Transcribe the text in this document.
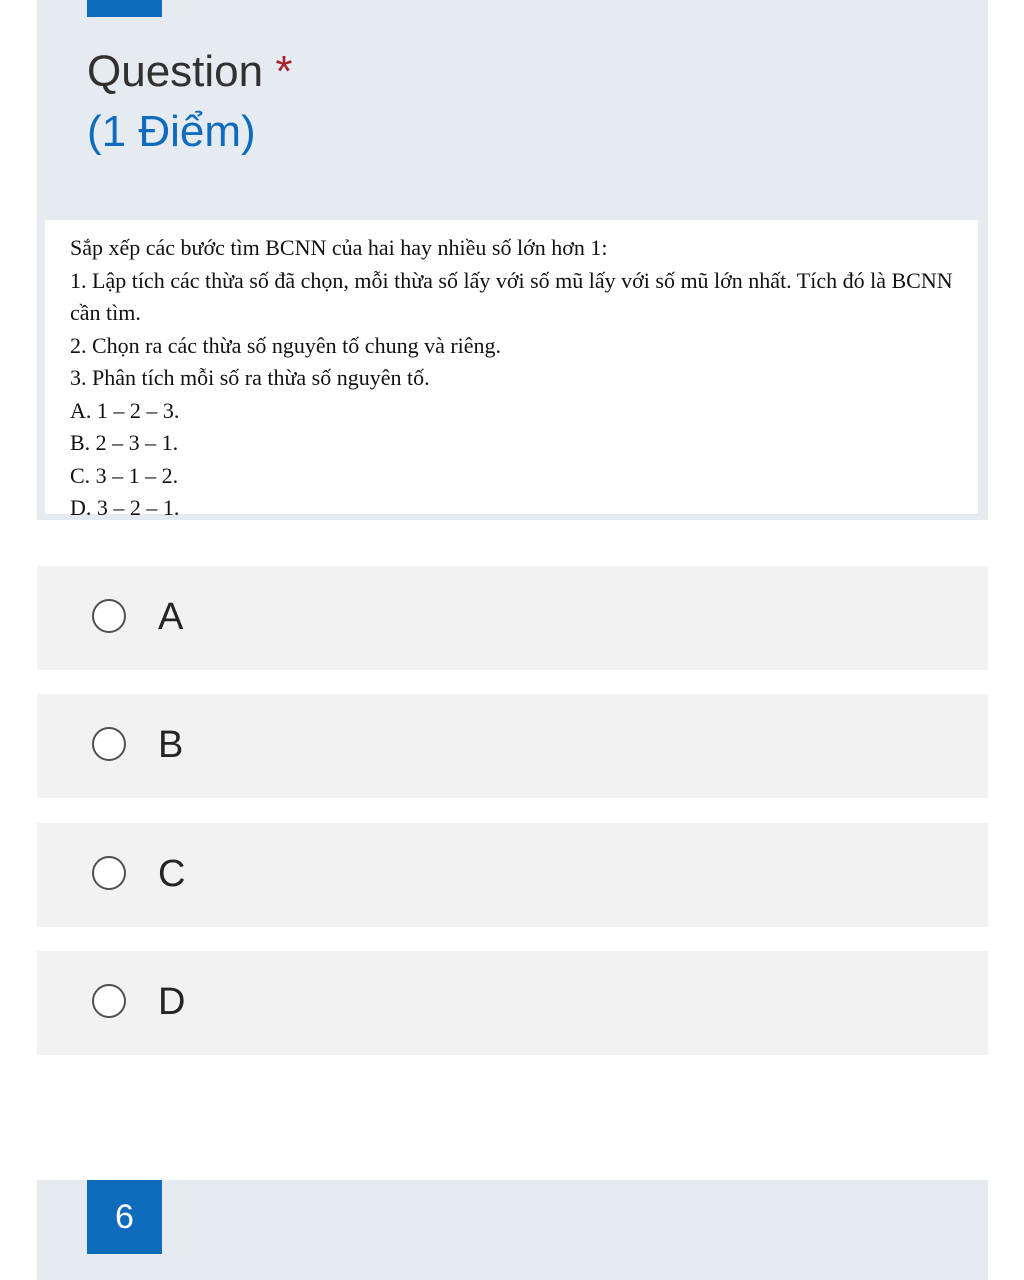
Question *
(1 Điểm)
Sắp xếp các bước tìm BCNN của hai hay nhiều số lớn hơn 1:
1. Lập tích các thừa số đã chọn, mỗi thừa số lấy với số mũ lấy với số mũ lớn nhất. Tích đó là BCNN cần tìm.
2. Chọn ra các thừa số nguyên tố chung và riêng.
3. Phân tích mỗi số ra thừa số nguyên tố.
A. 1 – 2 – 3.
B. 2 – 3 – 1.
C. 3 – 1 – 2.
D. 3 – 2 – 1.
A
B
C
D
6
